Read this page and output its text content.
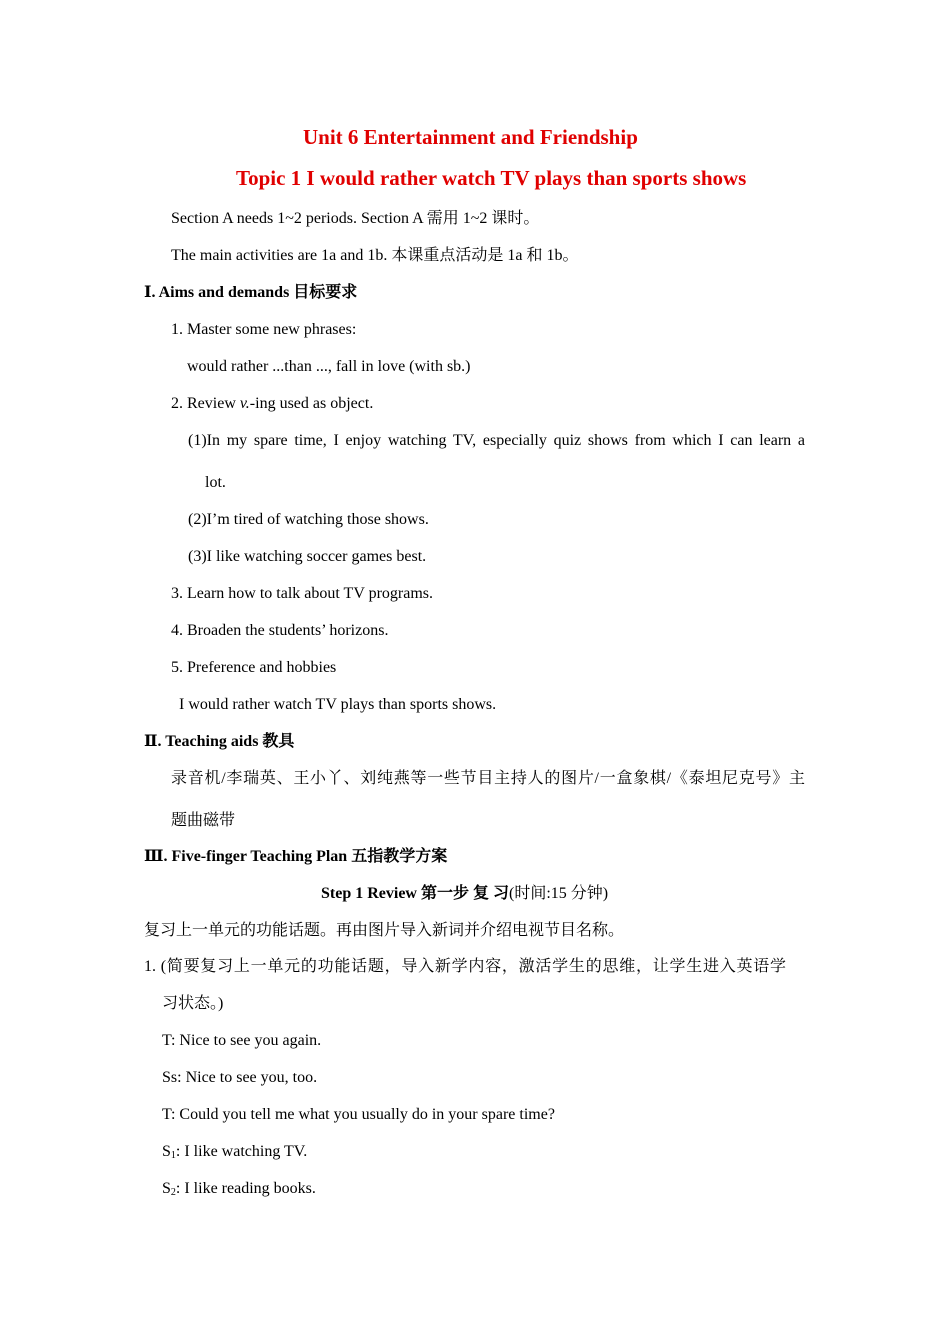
Unit 6 Entertainment and Friendship
Topic 1 I would rather watch TV plays than sports shows
Section A needs 1~2 periods. Section A 需用 1~2 课时。
The main activities are 1a and 1b. 本课重点活动是 1a 和 1b。
Ⅰ. Aims and demands 目标要求
1. Master some new phrases:
would rather ...than ..., fall in love (with sb.)
2. Review v.-ing used as object.
(1)In my spare time, I enjoy watching TV, especially quiz shows from which I can learn a
lot.
(2)I’m tired of watching those shows.
(3)I like watching soccer games best.
3. Learn how to talk about TV programs.
4. Broaden the students’ horizons.
5. Preference and hobbies
I would rather watch TV plays than sports shows.
Ⅱ. Teaching aids 教具
录音机/李瑞英、王小丫、刘纯燕等一些节目主持人的图片/一盒象棋/《泰坦尼克号》主
题曲磁带
Ⅲ. Five-finger Teaching Plan 五指教学方案
Step 1 Review 第一步 复 习(时间:15 分钟)
复习上一单元的功能话题。再由图片导入新词并介绍电视节目名称。
1. (简要复习上一单元的功能话题，导入新学内容，激活学生的思维，让学生进入英语学
习状态。)
T: Nice to see you again.
Ss: Nice to see you, too.
T: Could you tell me what you usually do in your spare time?
$S_1$: I like watching TV.
$S_2$: I like reading books.
